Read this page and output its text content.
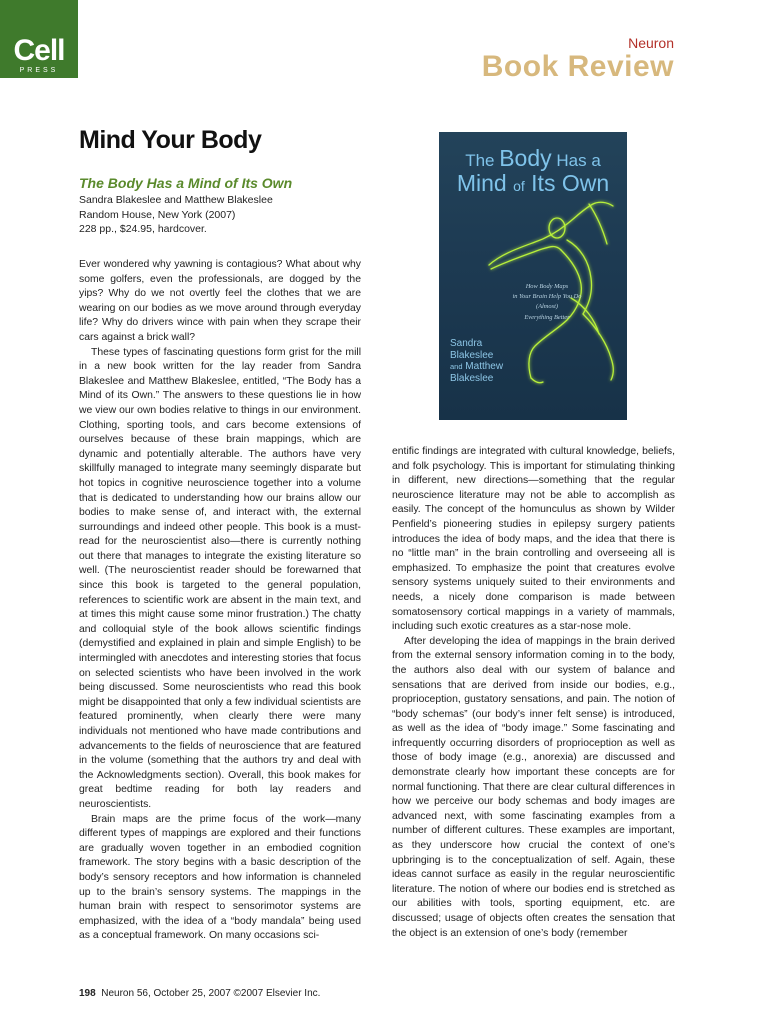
Cell
PRESS
Neuron
Book Review
Mind Your Body
The Body Has a Mind of Its Own
Sandra Blakeslee and Matthew Blakeslee
Random House, New York (2007)
228 pp., $24.95, hardcover.
The Body Has a
Mind of Its Own
How Body Maps
in Your Brain Help You Do
(Almost)
Everything Better
Sandra
Blakeslee
and Matthew
Blakeslee

Ever wondered why yawning is contagious? What about why some golfers, even the professionals, are dogged by the yips? Why do we not overtly feel the clothes that we are wearing on our bodies as we move around through everyday life? Why do drivers wince with pain when they scrape their cars against a brick wall?

These types of fascinating questions form grist for the mill in a new book written for the lay reader from Sandra Blakeslee and Matthew Blakeslee, entitled, “The Body has a Mind of its Own.” The answers to these questions lie in how we view our own bodies relative to things in our environment. Clothing, sporting tools, and cars become extensions of ourselves because of these brain mappings, which are dynamic and potentially alterable. The authors have very skillfully managed to integrate many seemingly disparate but hot topics in cognitive neuroscience together into a volume that is dedicated to understanding how our brains allow our bodies to make sense of, and interact with, the external surroundings and indeed other people. This book is a must-read for the neuroscientist also—there is currently nothing out there that manages to integrate the existing literature so well. (The neuroscientist reader should be forewarned that since this book is targeted to the general population, references to scientific work are absent in the main text, and at times this might cause some minor frustration.) The chatty and colloquial style of the book allows scientific findings (demystified and explained in plain and simple English) to be intermingled with anecdotes and interesting stories that focus on selected scientists who have been involved in the work being discussed. Some neuroscientists who read this book might be disappointed that only a few individual scientists are featured prominently, when clearly there were many individuals not mentioned who have made contributions and advancements to the fields of neuroscience that are featured in the volume (something that the authors try and deal with the Acknowledgments section). Overall, this book makes for great bedtime reading for both lay readers and neuroscientists.

Brain maps are the prime focus of the work—many different types of mappings are explored and their functions are gradually woven together in an embodied cognition framework. The story begins with a basic description of the body’s sensory receptors and how information is channeled up to the brain’s sensory systems. The mappings in the human brain with respect to sensorimotor systems are emphasized, with the idea of a “body mandala” being used as a conceptual framework. On many occasions sci-

entific findings are integrated with cultural knowledge, beliefs, and folk psychology. This is important for stimulating thinking in different, new directions—something that the regular neuroscience literature may not be able to accomplish as easily. The concept of the homunculus as shown by Wilder Penfield’s pioneering studies in epilepsy surgery patients introduces the idea of body maps, and the idea that there is no “little man” in the brain controlling and overseeing all is emphasized. To emphasize the point that creatures evolve sensory systems uniquely suited to their environments and needs, a nicely done comparison is made between somatosensory cortical mappings in a variety of mammals, including such exotic creatures as a star-nose mole.

After developing the idea of mappings in the brain derived from the external sensory information coming in to the body, the authors also deal with our system of balance and sensations that are derived from inside our bodies, e.g., proprioception, gustatory sensations, and pain. The notion of “body schemas” (our body’s inner felt sense) is introduced, as well as the idea of “body image.” Some fascinating and infrequently occurring disorders of proprioception as well as those of body image (e.g., anorexia) are discussed and demonstrate clearly how important these concepts are for normal functioning. That there are clear cultural differences in how we perceive our body schemas and body images are advanced next, with some fascinating examples from a number of different cultures. These examples are important, as they underscore how crucial the context of one’s upbringing is to the conceptualization of self. Again, these ideas cannot surface as easily in the regular neuroscientific literature. The notion of where our bodies end is stretched as our abilities with tools, sporting equipment, etc. are discussed; usage of objects often creates the sensation that the object is an extension of one’s body (remember

198 Neuron 56, October 25, 2007 ©2007 Elsevier Inc.
